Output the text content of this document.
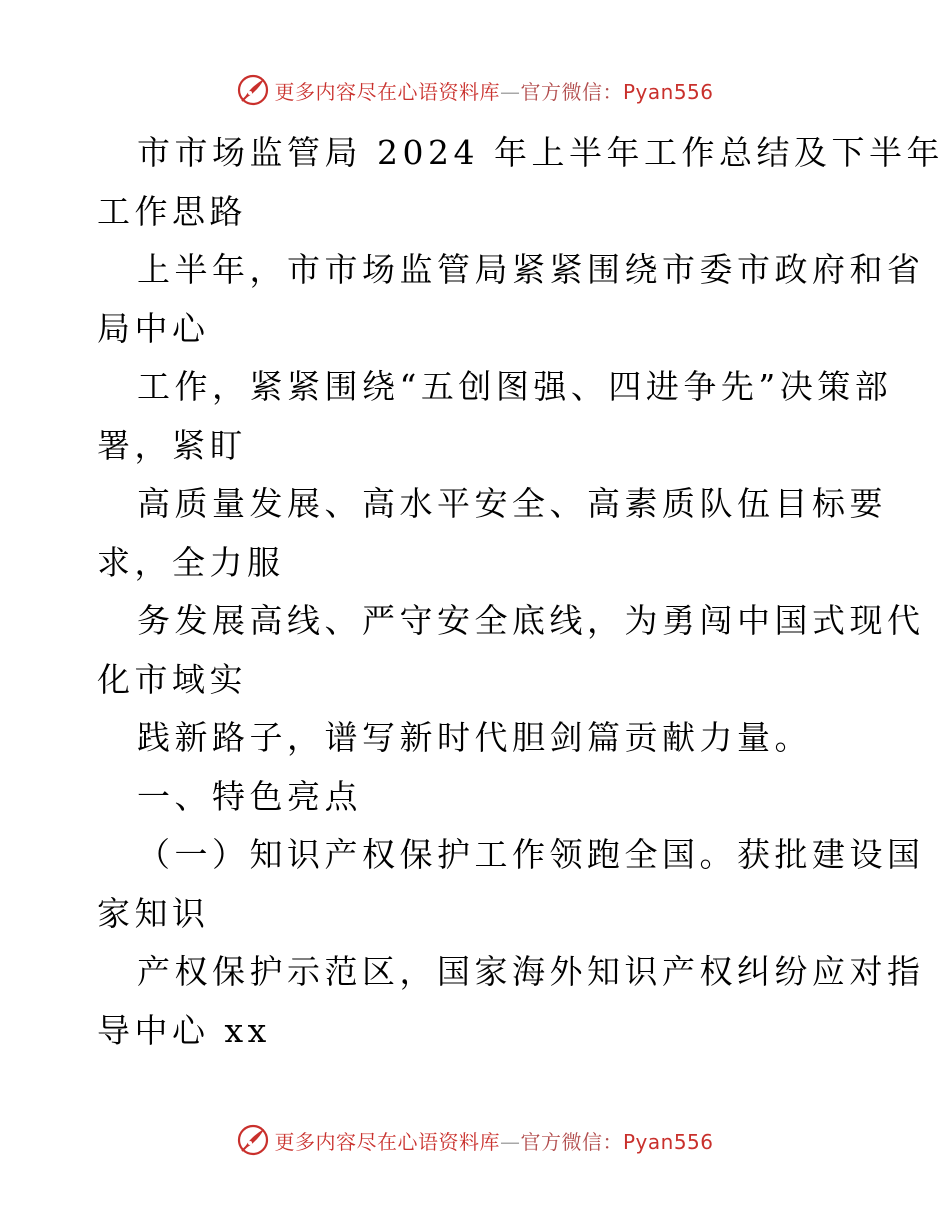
更多内容尽在心语资料库—官方微信：Pyan556
市市场监管局 2024 年上半年工作总结及下半年
工作思路
上半年，市市场监管局紧紧围绕市委市政府和省
局中心
工作，紧紧围绕“五创图强、四进争先”决策部
署，紧盯
高质量发展、高水平安全、高素质队伍目标要
求，全力服
务发展高线、严守安全底线，为勇闯中国式现代
化市域实
践新路子，谱写新时代胆剑篇贡献力量。
一、特色亮点
（一）知识产权保护工作领跑全国。获批建设国
家知识
产权保护示范区，国家海外知识产权纠纷应对指
导中心 xx
更多内容尽在心语资料库—官方微信：Pyan556
